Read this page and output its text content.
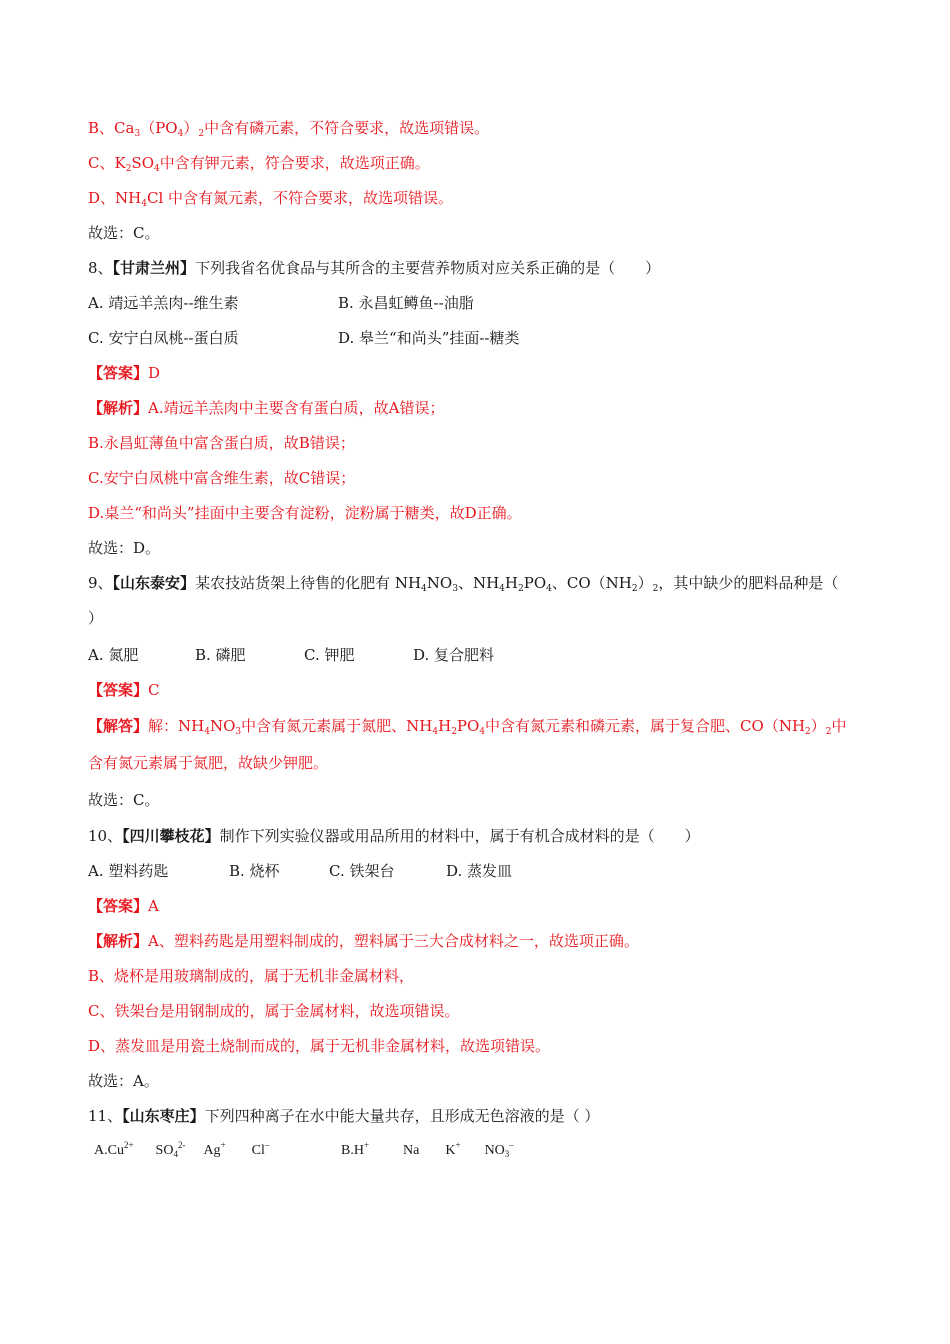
B、$Ca_3(PO_4)_2$中含有磷元素，不符合要求，故选项错误。
C、$K_2SO_4$中含有钾元素，符合要求，故选项正确。
D、$NH_4Cl$ 中含有氮元素，不符合要求，故选项错误。
故选：C。
8、【甘肃兰州】下列我省名优食品与其所含的主要营养物质对应关系正确的是（　　）
A. 靖远羊羔肉--维生素	B. 永昌虹鳟鱼--油脂
C. 安宁白凤桃--蛋白质	D. 皋兰“和尚头”挂面--糖类
【答案】D
【解析】A.靖远羊羔肉中主要含有蛋白质，故A错误；
B.永昌虹薄鱼中富含蛋白质，故B错误；
C.安宁白凤桃中富含维生素，故C错误；
D.桌兰“和尚头”挂面中主要含有淀粉，淀粉属于糖类，故D正确。
故选：D。
9、【山东泰安】某农技站货架上待售的化肥有 $NH_4NO_3$、$NH_4H_2PO_4$、$CO(NH_2)_2$，其中缺少的肥料品种是（
）
A. 氮肥	B. 磷肥	C. 钾肥	D. 复合肥料
【答案】C
【解答】解：$NH_4NO_3$中含有氮元素属于氮肥、$NH_4H_2PO_4$中含有氮元素和磷元素，属于复合肥、$CO(NH_2)_2$中
含有氮元素属于氮肥，故缺少钾肥。
故选：C。
10、【四川攀枝花】制作下列实验仪器或用品所用的材料中，属于有机合成材料的是（　　）
A. 塑料药匙	B. 烧杯	C. 铁架台	D. 蒸发皿
【答案】A
【解析】A、塑料药匙是用塑料制成的，塑料属于三大合成材料之一，故选项正确。
B、烧杯是用玻璃制成的，属于无机非金属材料，
C、铁架台是用钢制成的，属于金属材料，故选项错误。
D、蒸发皿是用瓷土烧制而成的，属于无机非金属材料，故选项错误。
故选：A。
11、【山东枣庄】下列四种离子在水中能大量共存，且形成无色溶液的是（ ）
$A.Cu^{2+}$ $SO_4^{2-}$ Ag+ Cl–	B.H+ Na K+ $NO_3^-$
